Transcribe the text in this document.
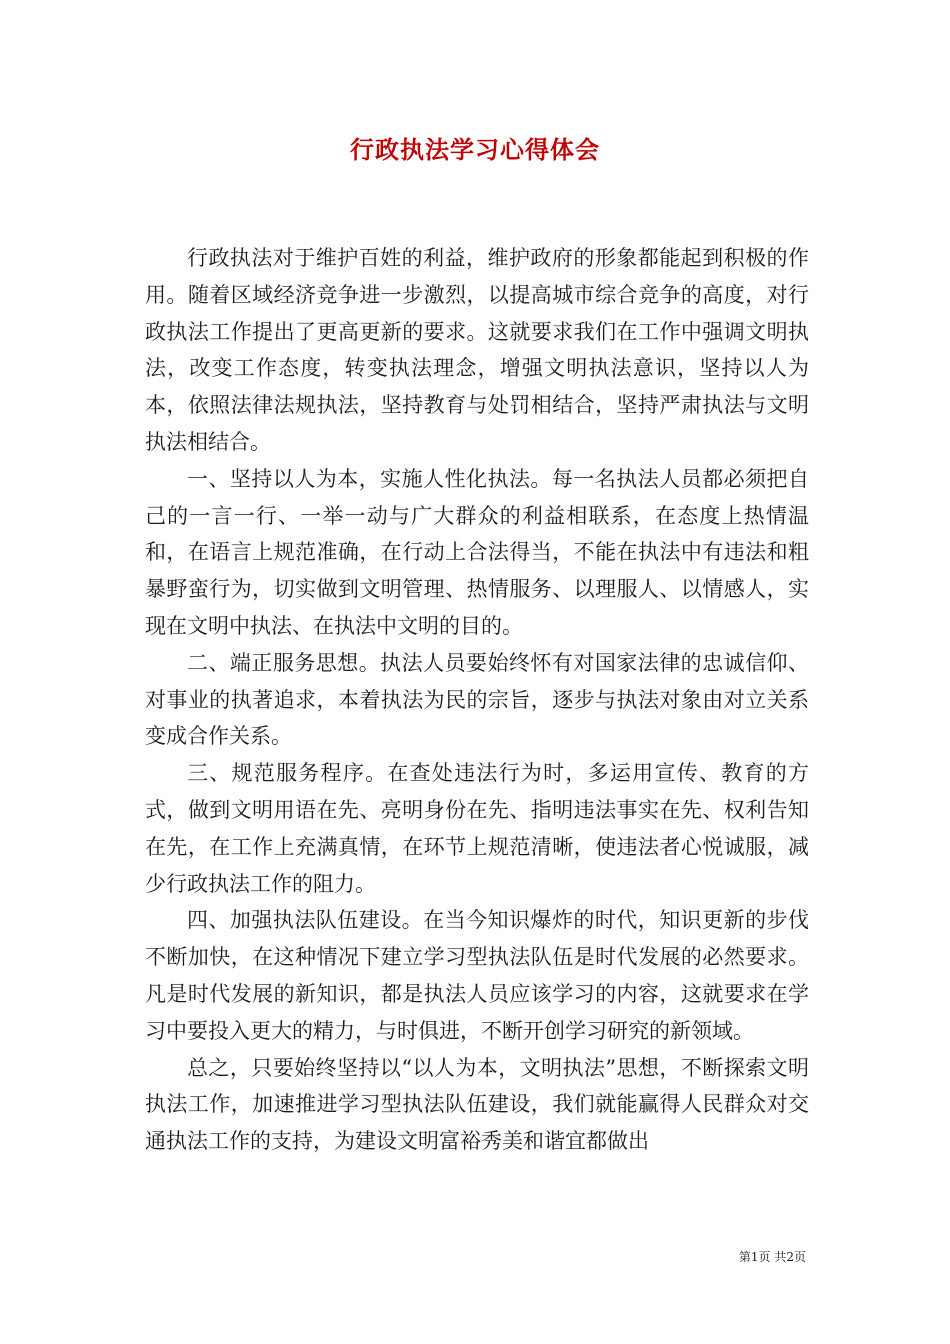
行政执法学习心得体会

行政执法对于维护百姓的利益，维护政府的形象都能起到积极的作用。随着区域经济竞争进一步激烈，以提高城市综合竞争的高度，对行政执法工作提出了更高更新的要求。这就要求我们在工作中强调文明执法，改变工作态度，转变执法理念，增强文明执法意识，坚持以人为本，依照法律法规执法，坚持教育与处罚相结合，坚持严肃执法与文明执法相结合。

一、坚持以人为本，实施人性化执法。每一名执法人员都必须把自己的一言一行、一举一动与广大群众的利益相联系，在态度上热情温和，在语言上规范准确，在行动上合法得当，不能在执法中有违法和粗暴野蛮行为，切实做到文明管理、热情服务、以理服人、以情感人，实现在文明中执法、在执法中文明的目的。

二、端正服务思想。执法人员要始终怀有对国家法律的忠诚信仰、对事业的执著追求，本着执法为民的宗旨，逐步与执法对象由对立关系变成合作关系。

三、规范服务程序。在查处违法行为时，多运用宣传、教育的方式，做到文明用语在先、亮明身份在先、指明违法事实在先、权利告知在先，在工作上充满真情，在环节上规范清晰，使违法者心悦诚服，减少行政执法工作的阻力。

四、加强执法队伍建设。在当今知识爆炸的时代，知识更新的步伐不断加快，在这种情况下建立学习型执法队伍是时代发展的必然要求。凡是时代发展的新知识，都是执法人员应该学习的内容，这就要求在学习中要投入更大的精力，与时俱进，不断开创学习研究的新领域。

总之，只要始终坚持以“以人为本，文明执法”思想，不断探索文明执法工作，加速推进学习型执法队伍建设，我们就能赢得人民群众对交通执法工作的支持，为建设文明富裕秀美和谐宜都做出

第1页 共2页
